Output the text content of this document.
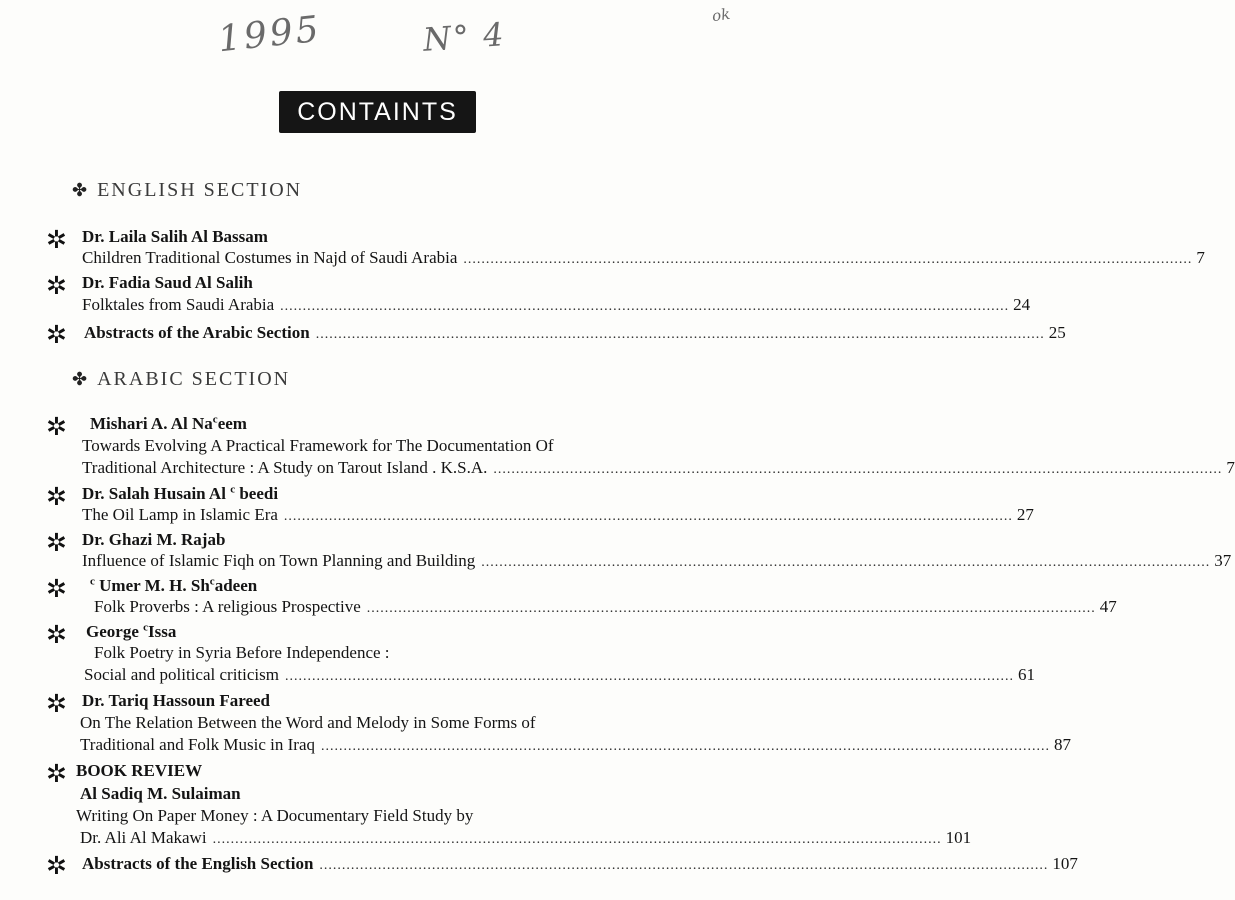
1995	N° 4
ok
CONTAINTS
✤ ENGLISH SECTION
✲ Dr. Laila Salih Al Bassam
Children Traditional Costumes in Najd of Saudi Arabia .................................................................................................................................................................. 7
✲ Dr. Fadia Saud Al Salih
Folktales from Saudi Arabia .................................................................................................................................................................. 24
✲ Abstracts of the Arabic Section .................................................................................................................................................................. 25
✤ ARABIC SECTION
✲ Mishari A. Al Na$^c$eem
Towards Evolving A Practical Framework for The Documentation Of
Traditional Architecture : A Study on Tarout Island . K.S.A. .................................................................................................................................................................. 7
✲ Dr. Salah Husain Al $^c$ beedi
The Oil Lamp in Islamic Era .................................................................................................................................................................. 27
✲ Dr. Ghazi M. Rajab
Influence of Islamic Fiqh on Town Planning and Building .................................................................................................................................................................. 37
✲ $^c$ Umer M. H. Sh$^c$adeen
Folk Proverbs : A religious Prospective .................................................................................................................................................................. 47
✲ George $^c$Issa
Folk Poetry in Syria Before Independence :
Social and political criticism .................................................................................................................................................................. 61
✲ Dr. Tariq Hassoun Fareed
On The Relation Between the Word and Melody in Some Forms of
Traditional and Folk Music in Iraq .................................................................................................................................................................. 87
✲ BOOK REVIEW
Al Sadiq M. Sulaiman
Writing On Paper Money : A Documentary Field Study by
Dr. Ali Al Makawi .................................................................................................................................................................. 101
✲ Abstracts of the English Section .................................................................................................................................................................. 107
